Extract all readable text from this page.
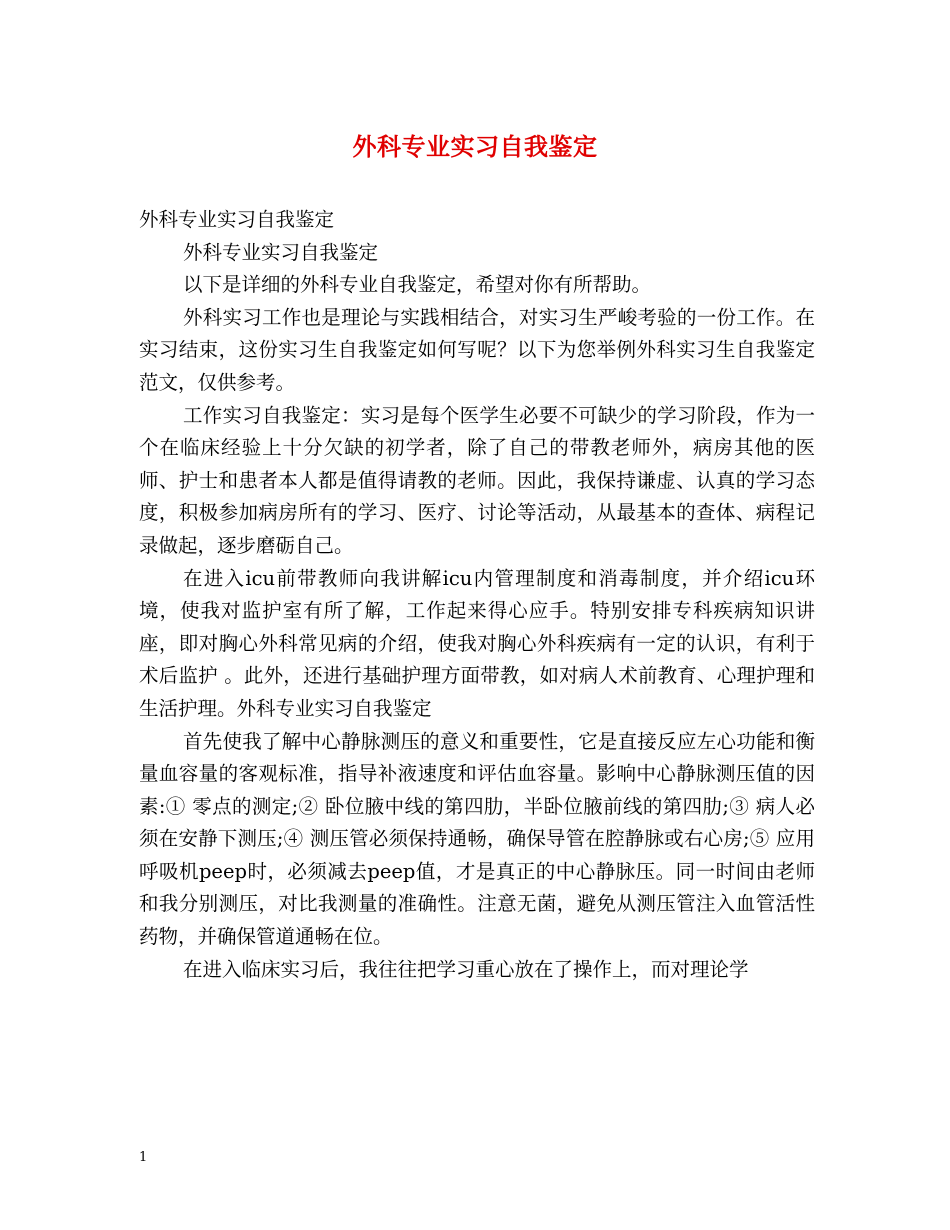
外科专业实习自我鉴定

外科专业实习自我鉴定

外科专业实习自我鉴定

以下是详细的外科专业自我鉴定，希望对你有所帮助。

外科实习工作也是理论与实践相结合，对实习生严峻考验的一份工作。在实习结束，这份实习生自我鉴定如何写呢？以下为您举例外科实习生自我鉴定范文，仅供参考。

工作实习自我鉴定：实习是每个医学生必要不可缺少的学习阶段，作为一个在临床经验上十分欠缺的初学者，除了自己的带教老师外，病房其他的医师、护士和患者本人都是值得请教的老师。因此，我保持谦虚、认真的学习态度，积极参加病房所有的学习、医疗、讨论等活动，从最基本的查体、病程记录做起，逐步磨砺自己。

在进入icu前带教师向我讲解icu内管理制度和消毒制度，并介绍icu环境，使我对监护室有所了解，工作起来得心应手。特别安排专科疾病知识讲座，即对胸心外科常见病的介绍，使我对胸心外科疾病有一定的认识，有利于术后监护 。此外，还进行基础护理方面带教，如对病人术前教育、心理护理和生活护理。外科专业实习自我鉴定

首先使我了解中心静脉测压的意义和重要性，它是直接反应左心功能和衡量血容量的客观标准，指导补液速度和评估血容量。影响中心静脉测压值的因素:① 零点的测定;② 卧位腋中线的第四肋，半卧位腋前线的第四肋;③ 病人必须在安静下测压;④ 测压管必须保持通畅，确保导管在腔静脉或右心房;⑤ 应用呼吸机peep时，必须减去peep值，才是真正的中心静脉压。同一时间由老师和我分别测压，对比我测量的准确性。注意无菌，避免从测压管注入血管活性药物，并确保管道通畅在位。

在进入临床实习后，我往往把学习重心放在了操作上，而对理论学

1
